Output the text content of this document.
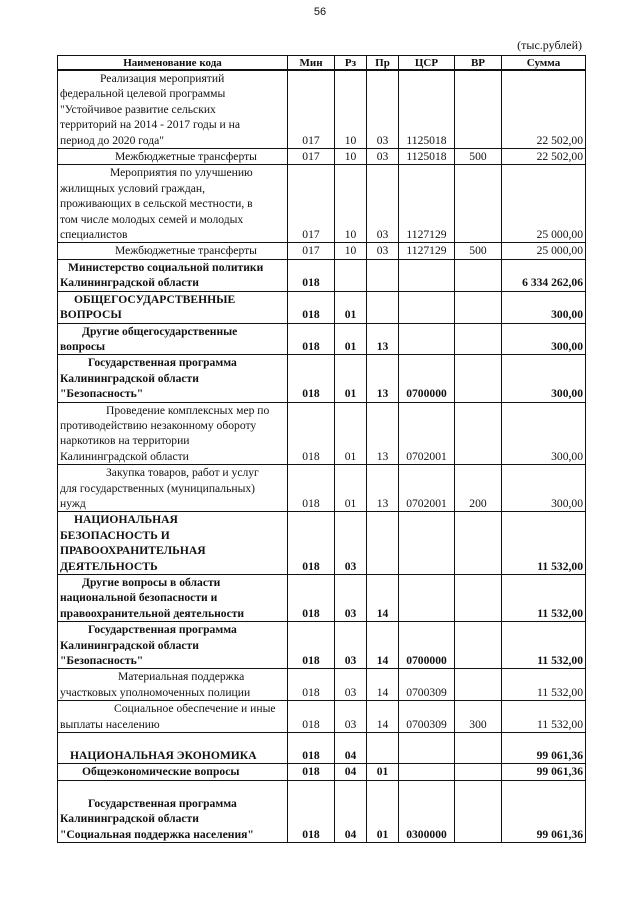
56
(тыс.рублей)
Наименование кода	Мин	Рз	Пр	ЦСР	ВР	Сумма

Реализация мероприятий
федеральной целевой программы
"Устойчивое развитие сельских
территорий на 2014 - 2017 годы и на
период до 2020 года"	017	10	03	1125018		22 502,00

Межбюджетные трансферты	017	10	03	1125018	500	22 502,00

Мероприятия по улучшению
жилищных условий граждан,
проживающих в сельской местности, в
том числе молодых семей и молодых
специалистов	017	10	03	1127129		25 000,00

Межбюджетные трансферты	017	10	03	1127129	500	25 000,00

Министерство социальной политики
Калининградской области	018					6 334 262,06

ОБЩЕГОСУДАРСТВЕННЫЕ
ВОПРОСЫ	018	01				300,00

Другие общегосударственные
вопросы	018	01	13			300,00

Государственная программа
Калининградской области
"Безопасность"	018	01	13	0700000		300,00

Проведение комплексных мер по
противодействию незаконному обороту
наркотиков на территории
Калининградской области	018	01	13	0702001		300,00

Закупка товаров, работ и услуг
для государственных (муниципальных)
нужд	018	01	13	0702001	200	300,00

НАЦИОНАЛЬНАЯ
БЕЗОПАСНОСТЬ И
ПРАВООХРАНИТЕЛЬНАЯ
ДЕЯТЕЛЬНОСТЬ	018	03				11 532,00

Другие вопросы в области
национальной безопасности и
правоохранительной деятельности	018	03	14			11 532,00

Государственная программа
Калининградской области
"Безопасность"	018	03	14	0700000		11 532,00

Материальная поддержка
участковых уполномоченных полиции	018	03	14	0700309		11 532,00

Социальное обеспечение и иные
выплаты населению	018	03	14	0700309	300	11 532,00

НАЦИОНАЛЬНАЯ ЭКОНОМИКА	018	04				99 061,36

Общеэкономические вопросы	018	04	01			99 061,36

Государственная программа
Калининградской области
"Социальная поддержка населения"	018	04	01	0300000		99 061,36
